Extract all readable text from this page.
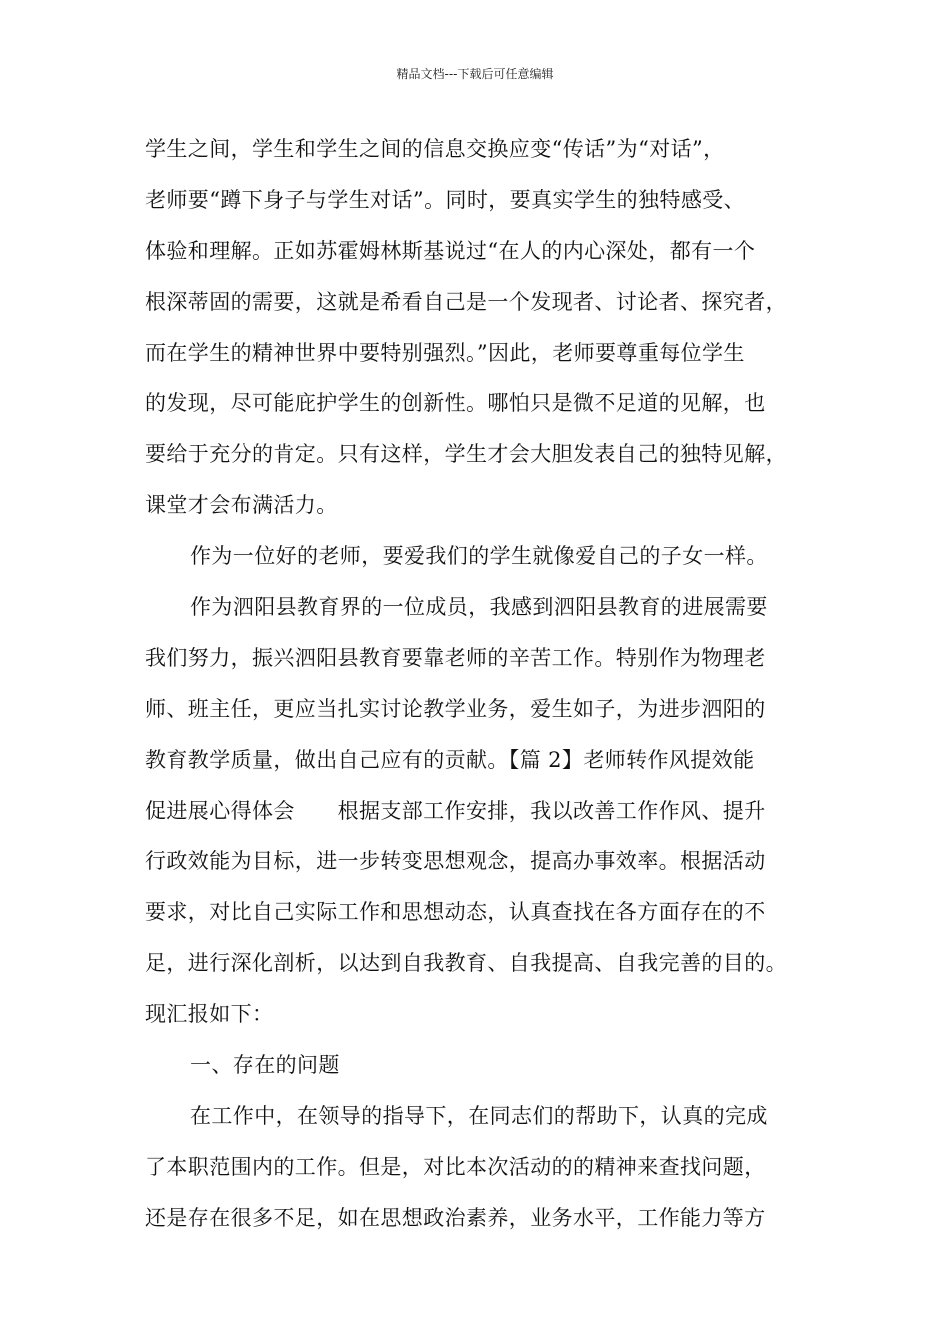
精品文档---下载后可任意编辑
学生之间，学生和学生之间的信息交换应变“传话”为“对话”，
老师要“蹲下身子与学生对话”。同时，要真实学生的独特感受、
体验和理解。正如苏霍姆林斯基说过“在人的内心深处，都有一个
根深蒂固的需要，这就是希看自己是一个发现者、讨论者、探究者，
而在学生的精神世界中要特别强烈。”因此，老师要尊重每位学生
的发现，尽可能庇护学生的创新性。哪怕只是微不足道的见解，也
要给于充分的肯定。只有这样，学生才会大胆发表自己的独特见解，
课堂才会布满活力。
作为一位好的老师，要爱我们的学生就像爱自己的子女一样。
作为泗阳县教育界的一位成员，我感到泗阳县教育的进展需要
我们努力，振兴泗阳县教育要靠老师的辛苦工作。特别作为物理老
师、班主任，更应当扎实讨论教学业务，爱生如子，为进步泗阳的
教育教学质量，做出自己应有的贡献。【篇 2】老师转作风提效能
促进展心得体会　　根据支部工作安排，我以改善工作作风、提升
行政效能为目标，进一步转变思想观念，提高办事效率。根据活动
要求，对比自己实际工作和思想动态，认真查找在各方面存在的不
足，进行深化剖析，以达到自我教育、自我提高、自我完善的目的。
现汇报如下：
一、存在的问题
在工作中，在领导的指导下，在同志们的帮助下，认真的完成
了本职范围内的工作。但是，对比本次活动的的精神来查找问题，
还是存在很多不足，如在思想政治素养，业务水平，工作能力等方
